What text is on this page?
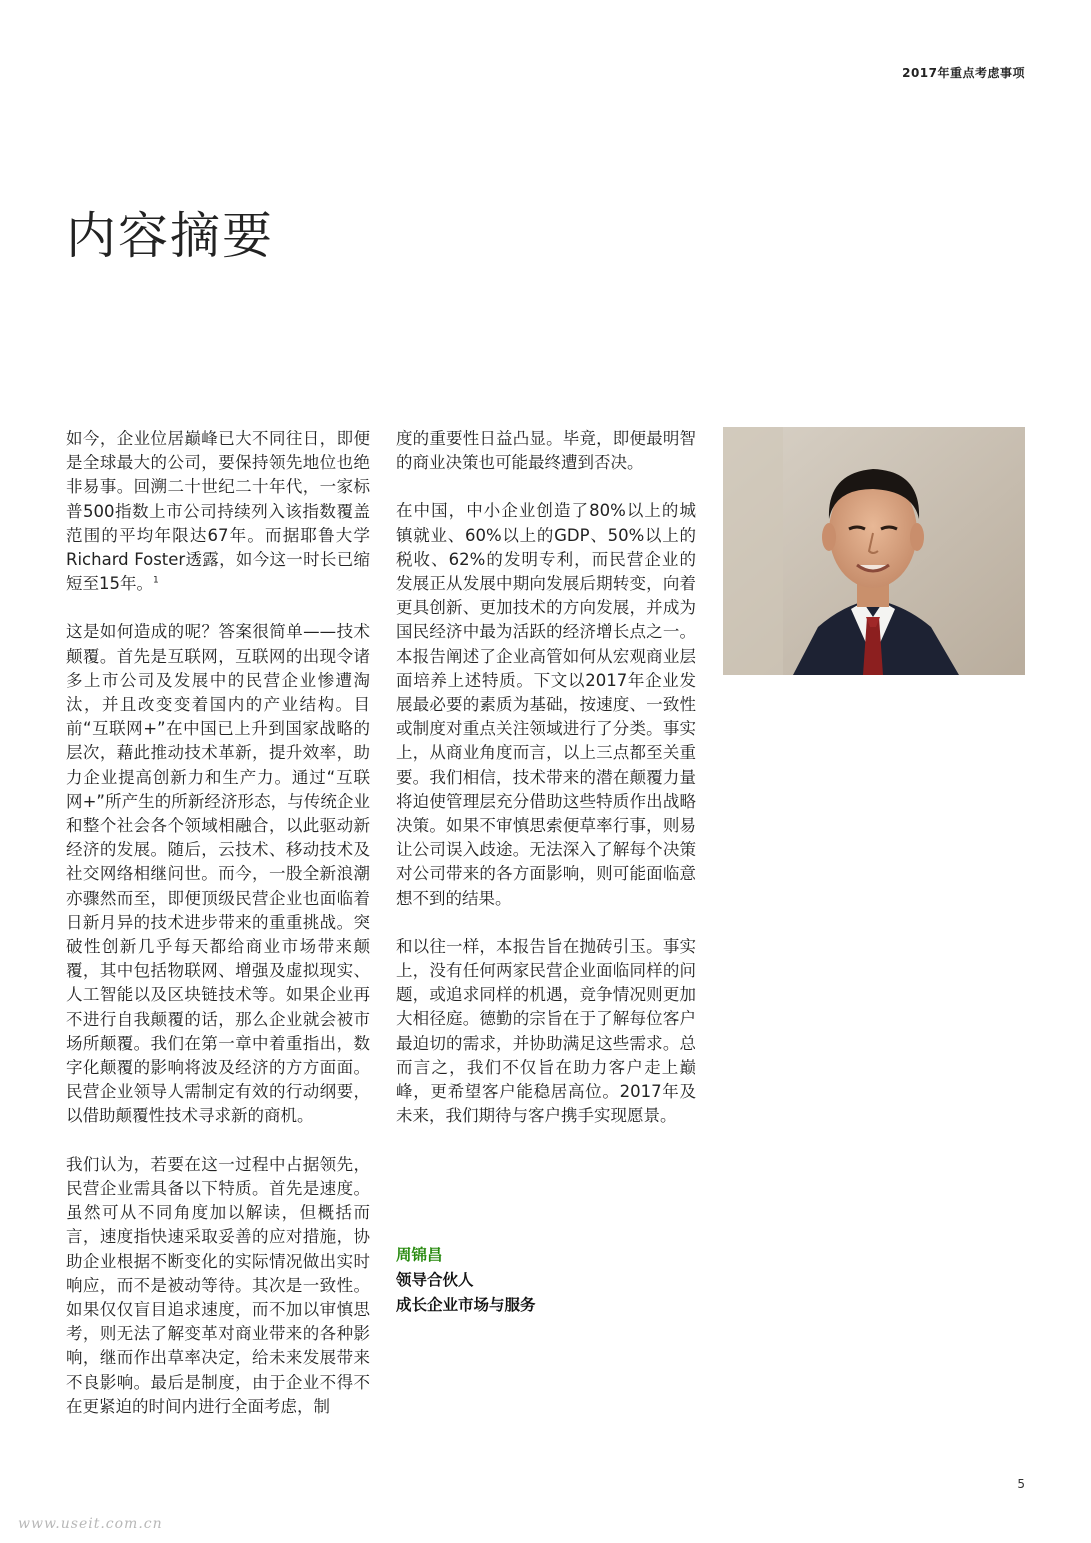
2017年重点考虑事项
内容摘要

如今，企业位居巅峰已大不同往日，即便是全球最大的公司，要保持领先地位也绝非易事。回溯二十世纪二十年代，一家标普500指数上市公司持续列入该指数覆盖范围的平均年限达67年。而据耶鲁大学Richard Foster透露，如今这一时长已缩短至15年。$^1$

这是如何造成的呢？答案很简单——技术颠覆。首先是互联网，互联网的出现令诸多上市公司及发展中的民营企业惨遭淘汰，并且改变变着国内的产业结构。目前“互联网+”在中国已上升到国家战略的层次，藉此推动技术革新，提升效率，助力企业提高创新力和生产力。通过“互联网+”所产生的所新经济形态，与传统企业和整个社会各个领域相融合，以此驱动新经济的发展。随后，云技术、移动技术及社交网络相继问世。而今，一股全新浪潮亦骤然而至，即便顶级民营企业也面临着日新月异的技术进步带来的重重挑战。突破性创新几乎每天都给商业市场带来颠覆，其中包括物联网、增强及虚拟现实、人工智能以及区块链技术等。如果企业再不进行自我颠覆的话，那么企业就会被市场所颠覆。我们在第一章中着重指出，数字化颠覆的影响将波及经济的方方面面。民营企业领导人需制定有效的行动纲要，以借助颠覆性技术寻求新的商机。

我们认为，若要在这一过程中占据领先，民营企业需具备以下特质。首先是速度。虽然可从不同角度加以解读，但概括而言，速度指快速采取妥善的应对措施，协助企业根据不断变化的实际情况做出实时响应，而不是被动等待。其次是一致性。如果仅仅盲目追求速度，而不加以审慎思考，则无法了解变革对商业带来的各种影响，继而作出草率决定，给未来发展带来不良影响。最后是制度，由于企业不得不在更紧迫的时间内进行全面考虑，制

度的重要性日益凸显。毕竟，即便最明智的商业决策也可能最终遭到否决。

在中国，中小企业创造了80%以上的城镇就业、60%以上的GDP、50%以上的税收、62%的发明专利，而民营企业的发展正从发展中期向发展后期转变，向着更具创新、更加技术的方向发展，并成为国民经济中最为活跃的经济增长点之一。本报告阐述了企业高管如何从宏观商业层面培养上述特质。下文以2017年企业发展最必要的素质为基础，按速度、一致性或制度对重点关注领域进行了分类。事实上，从商业角度而言，以上三点都至关重要。我们相信，技术带来的潜在颠覆力量将迫使管理层充分借助这些特质作出战略决策。如果不审慎思索便草率行事，则易让公司误入歧途。无法深入了解每个决策对公司带来的各方面影响，则可能面临意想不到的结果。

和以往一样，本报告旨在抛砖引玉。事实上，没有任何两家民营企业面临同样的问题，或追求同样的机遇，竞争情况则更加大相径庭。德勤的宗旨在于了解每位客户最迫切的需求，并协助满足这些需求。总而言之，我们不仅旨在助力客户走上巅峰，更希望客户能稳居高位。2017年及未来，我们期待与客户携手实现愿景。

周锦昌
领导合伙人
成长企业市场与服务
5
www.useit.com.cn
